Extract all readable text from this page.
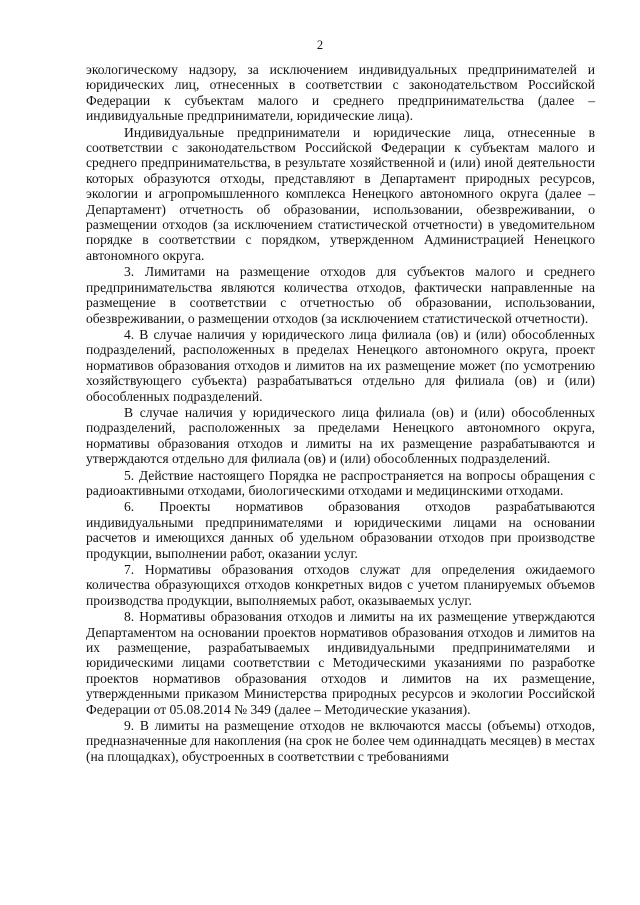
2

экологическому надзору, за исключением индивидуальных предпринимателей и юридических лиц, отнесенных в соответствии с законодательством Российской Федерации к субъектам малого и среднего предпринимательства (далее – индивидуальные предприниматели, юридические лица).

Индивидуальные предприниматели и юридические лица, отнесенные в соответствии с законодательством Российской Федерации к субъектам малого и среднего предпринимательства, в результате хозяйственной и (или) иной деятельности которых образуются отходы, представляют в Департамент природных ресурсов, экологии и агропромышленного комплекса Ненецкого автономного округа (далее – Департамент) отчетность об образовании, использовании, обезвреживании, о размещении отходов (за исключением статистической отчетности) в уведомительном порядке в соответствии с порядком, утвержденном Администрацией Ненецкого автономного округа.

3. Лимитами на размещение отходов для субъектов малого и среднего предпринимательства являются количества отходов, фактически направленные на размещение в соответствии с отчетностью об образовании, использовании, обезвреживании, о размещении отходов (за исключением статистической отчетности).

4. В случае наличия у юридического лица филиала (ов) и (или) обособленных подразделений, расположенных в пределах Ненецкого автономного округа, проект нормативов образования отходов и лимитов на их размещение может (по усмотрению хозяйствующего субъекта) разрабатываться отдельно для филиала (ов) и (или) обособленных подразделений.

В случае наличия у юридического лица филиала (ов) и (или) обособленных подразделений, расположенных за пределами Ненецкого автономного округа, нормативы образования отходов и лимиты на их размещение разрабатываются и утверждаются отдельно для филиала (ов) и (или) обособленных подразделений.

5. Действие настоящего Порядка не распространяется на вопросы обращения с радиоактивными отходами, биологическими отходами и медицинскими отходами.

6. Проекты нормативов образования отходов разрабатываются индивидуальными предпринимателями и юридическими лицами на основании расчетов и имеющихся данных об удельном образовании отходов при производстве продукции, выполнении работ, оказании услуг.

7. Нормативы образования отходов служат для определения ожидаемого количества образующихся отходов конкретных видов с учетом планируемых объемов производства продукции, выполняемых работ, оказываемых услуг.

8. Нормативы образования отходов и лимиты на их размещение утверждаются Департаментом на основании проектов нормативов образования отходов и лимитов на их размещение, разрабатываемых индивидуальными предпринимателями и юридическими лицами соответствии с Методическими указаниями по разработке проектов нормативов образования отходов и лимитов на их размещение, утвержденными приказом Министерства природных ресурсов и экологии Российской Федерации от 05.08.2014 № 349 (далее – Методические указания).

9. В лимиты на размещение отходов не включаются массы (объемы) отходов, предназначенные для накопления (на срок не более чем одиннадцать месяцев) в местах (на площадках), обустроенных в соответствии с требованиями
